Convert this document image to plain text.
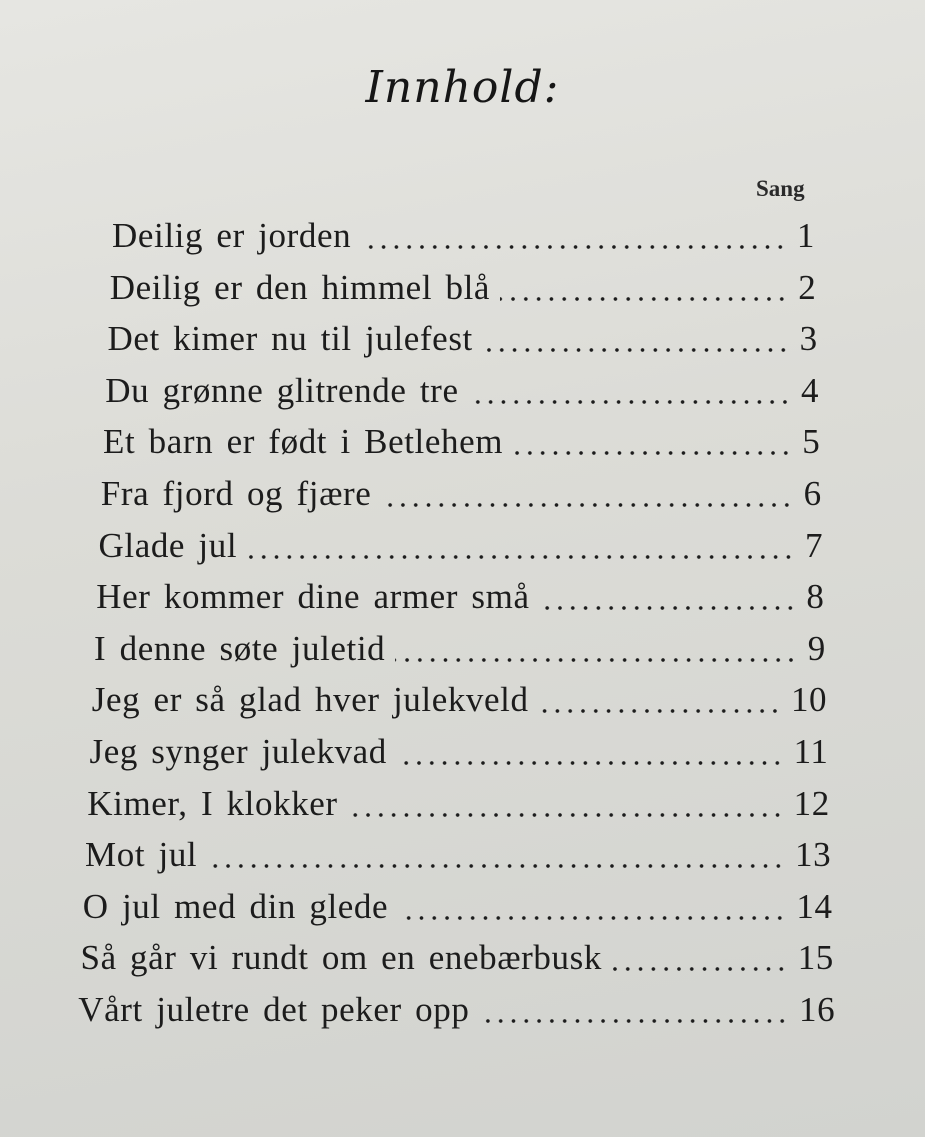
Innhold:
Sang
Deilig er jorden	1
Deilig er den himmel blå	2
Det kimer nu til julefest	3
Du grønne glitrende tre	4
Et barn er født i Betlehem	5
Fra fjord og fjære	6
Glade jul	7
Her kommer dine armer små	8
I denne søte juletid	9
Jeg er så glad hver julekveld	10
Jeg synger julekvad	11
Kimer, I klokker	12
Mot jul	13
O jul med din glede	14
Så går vi rundt om en enebærbusk	15
Vårt juletre det peker opp	16
